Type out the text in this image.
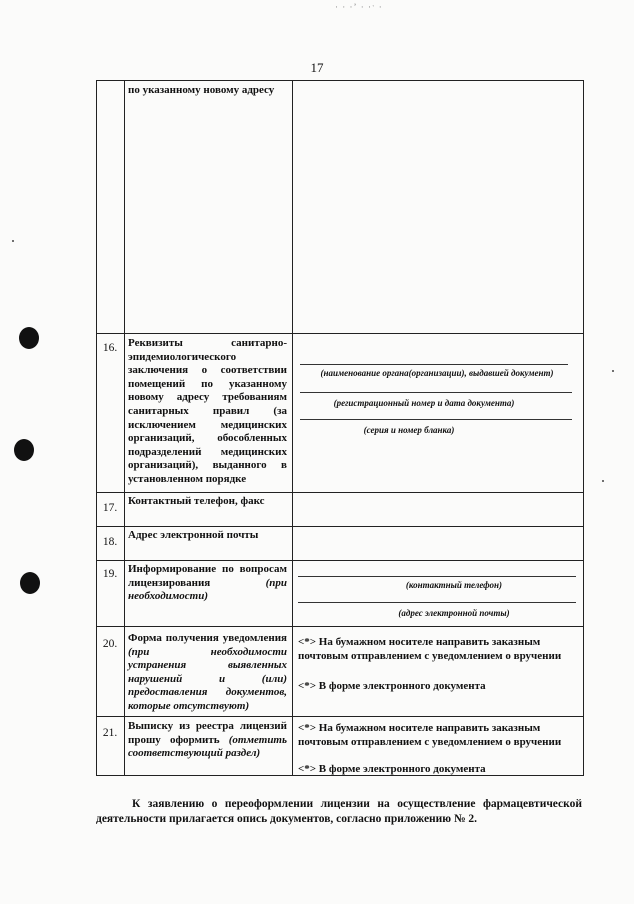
· · ·ʼ · ·ˑ ·
17
по указанному новому адресу
16. Реквизиты санитарно-эпидемиологического заключения о соответствии помещений по указанному новому адресу требованиям санитарных правил (за исключением медицинских организаций, обособленных подразделений медицинских организаций), выданного в установленном порядке
(наименование органа(организации), выдавшей документ)
(регистрационный номер и дата документа)
(серия и номер бланка)
17.
Контактный телефон, факс
18.
Адрес электронной почты
19. Информирование по вопросам лицензирования	(при необходимости)
(контактный телефон)
(адрес электронной почты)
20. Форма получения уведомления (при необходимости устранения выявленных нарушений и (или) предоставления документов, которые отсутствуют)
<*> На бумажном носителе направить заказным почтовым отправлением с уведомлением о вручении
<*> В форме электронного документа
21.
Выписку из реестра лицензий прошу оформить (отметить соответствующий раздел)
<*> На бумажном носителе направить заказным почтовым отправлением с уведомлением о вручении
<*> В форме электронного документа
К заявлению о переоформлении лицензии на осуществление фармацевтической деятельности прилагается опись документов, согласно приложению № 2.
